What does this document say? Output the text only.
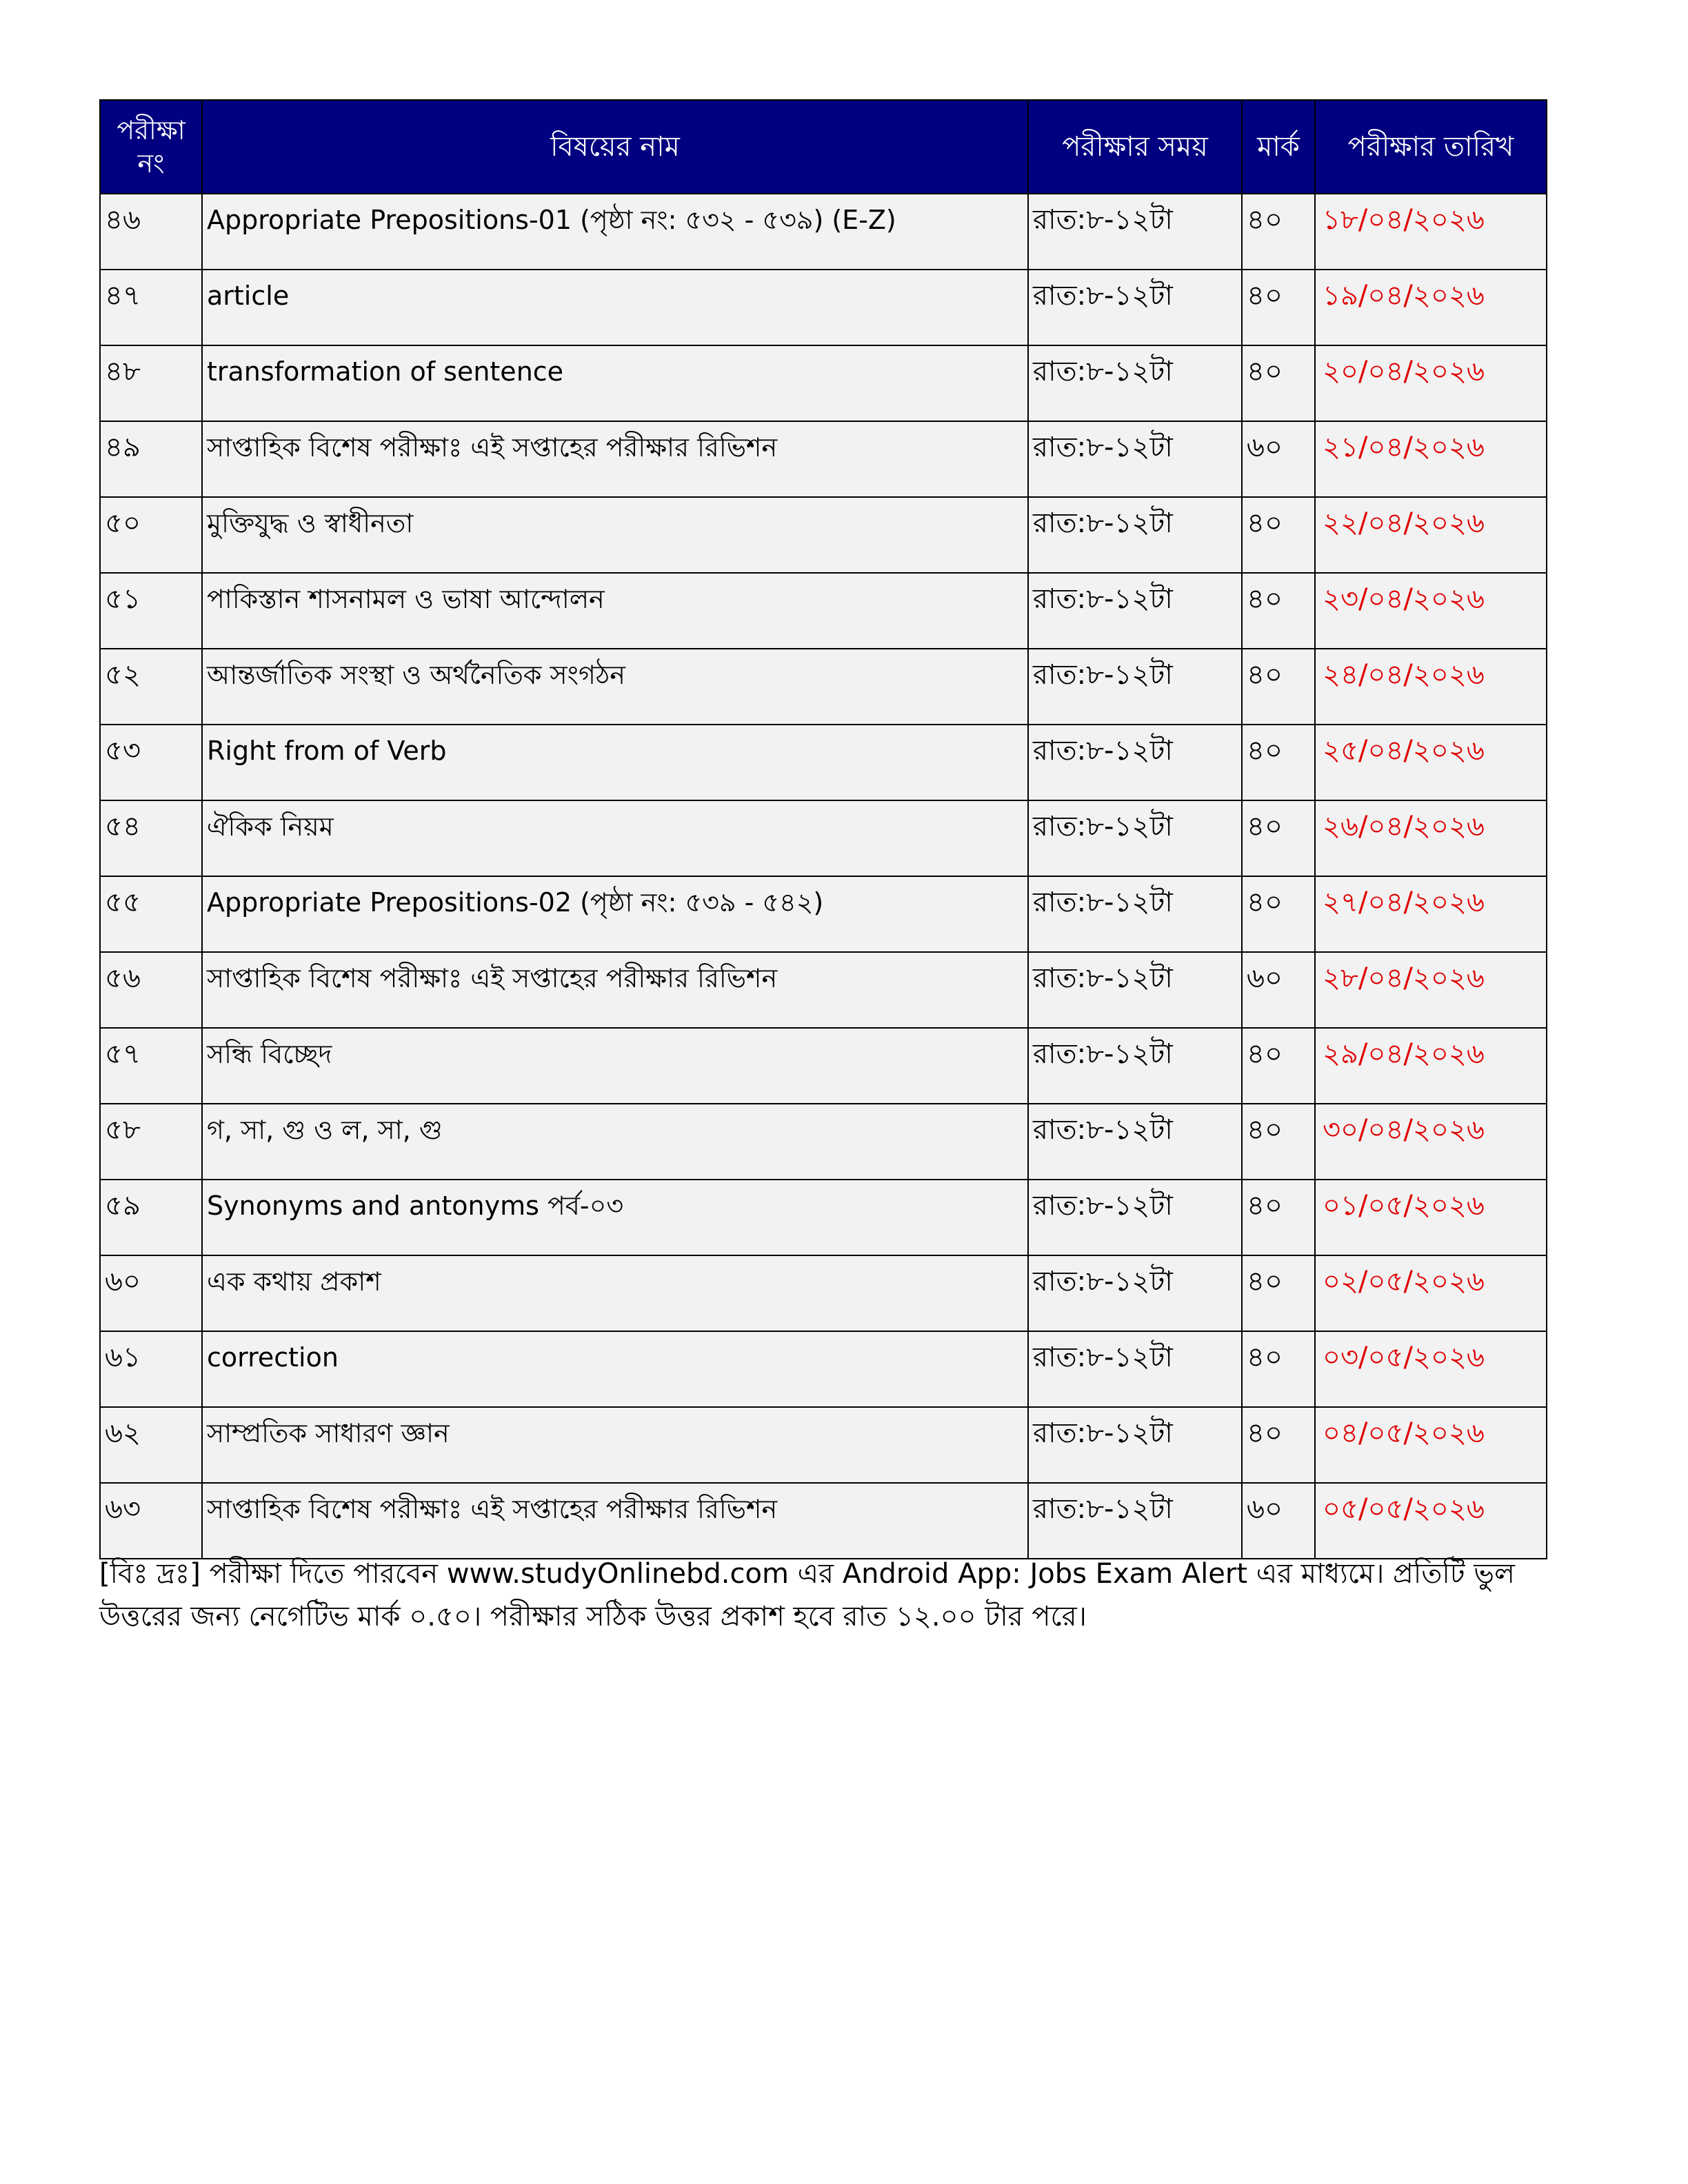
পরীক্ষা নং	বিষয়ের নাম	পরীক্ষার সময়	মার্ক	পরীক্ষার তারিখ
৪৬	Appropriate Prepositions-01 (পৃষ্ঠা নং: ৫৩২ - ৫৩৯) (E-Z)	রাত:৮-১২টা	৪০	১৮/০৪/২০২৬
৪৭	article	রাত:৮-১২টা	৪০	১৯/০৪/২০২৬
৪৮	transformation of sentence	রাত:৮-১২টা	৪০	২০/০৪/২০২৬
৪৯	সাপ্তাহিক বিশেষ পরীক্ষাঃ এই সপ্তাহের পরীক্ষার রিভিশন	রাত:৮-১২টা	৬০	২১/০৪/২০২৬
৫০	মুক্তিযুদ্ধ ও স্বাধীনতা	রাত:৮-১২টা	৪০	২২/০৪/২০২৬
৫১	পাকিস্তান শাসনামল ও ভাষা আন্দোলন	রাত:৮-১২টা	৪০	২৩/০৪/২০২৬
৫২	আন্তর্জাতিক সংস্থা ও অর্থনৈতিক সংগঠন	রাত:৮-১২টা	৪০	২৪/০৪/২০২৬
৫৩	Right from of Verb	রাত:৮-১২টা	৪০	২৫/০৪/২০২৬
৫৪	ঐকিক নিয়ম	রাত:৮-১২টা	৪০	২৬/০৪/২০২৬
৫৫	Appropriate Prepositions-02 (পৃষ্ঠা নং: ৫৩৯ - ৫৪২)	রাত:৮-১২টা	৪০	২৭/০৪/২০২৬
৫৬	সাপ্তাহিক বিশেষ পরীক্ষাঃ এই সপ্তাহের পরীক্ষার রিভিশন	রাত:৮-১২টা	৬০	২৮/০৪/২০২৬
৫৭	সন্ধি বিচ্ছেদ	রাত:৮-১২টা	৪০	২৯/০৪/২০২৬
৫৮	গ, সা, গু ও ল, সা, গু	রাত:৮-১২টা	৪০	৩০/০৪/২০২৬
৫৯	Synonyms and antonyms পর্ব-০৩	রাত:৮-১২টা	৪০	০১/০৫/২০২৬
৬০	এক কথায় প্রকাশ	রাত:৮-১২টা	৪০	০২/০৫/২০২৬
৬১	correction	রাত:৮-১২টা	৪০	০৩/০৫/২০২৬
৬২	সাম্প্রতিক সাধারণ জ্ঞান	রাত:৮-১২টা	৪০	০৪/০৫/২০২৬
৬৩	সাপ্তাহিক বিশেষ পরীক্ষাঃ এই সপ্তাহের পরীক্ষার রিভিশন	রাত:৮-১২টা	৬০	০৫/০৫/২০২৬
[বিঃ দ্রঃ] পরীক্ষা দিতে পারবেন www.studyOnlinebd.com এর Android App: Jobs Exam Alert এর মাধ্যমে। প্রতিটি ভুল উত্তরের জন্য নেগেটিভ মার্ক ০.৫০। পরীক্ষার সঠিক উত্তর প্রকাশ হবে রাত ১২.০০ টার পরে।
